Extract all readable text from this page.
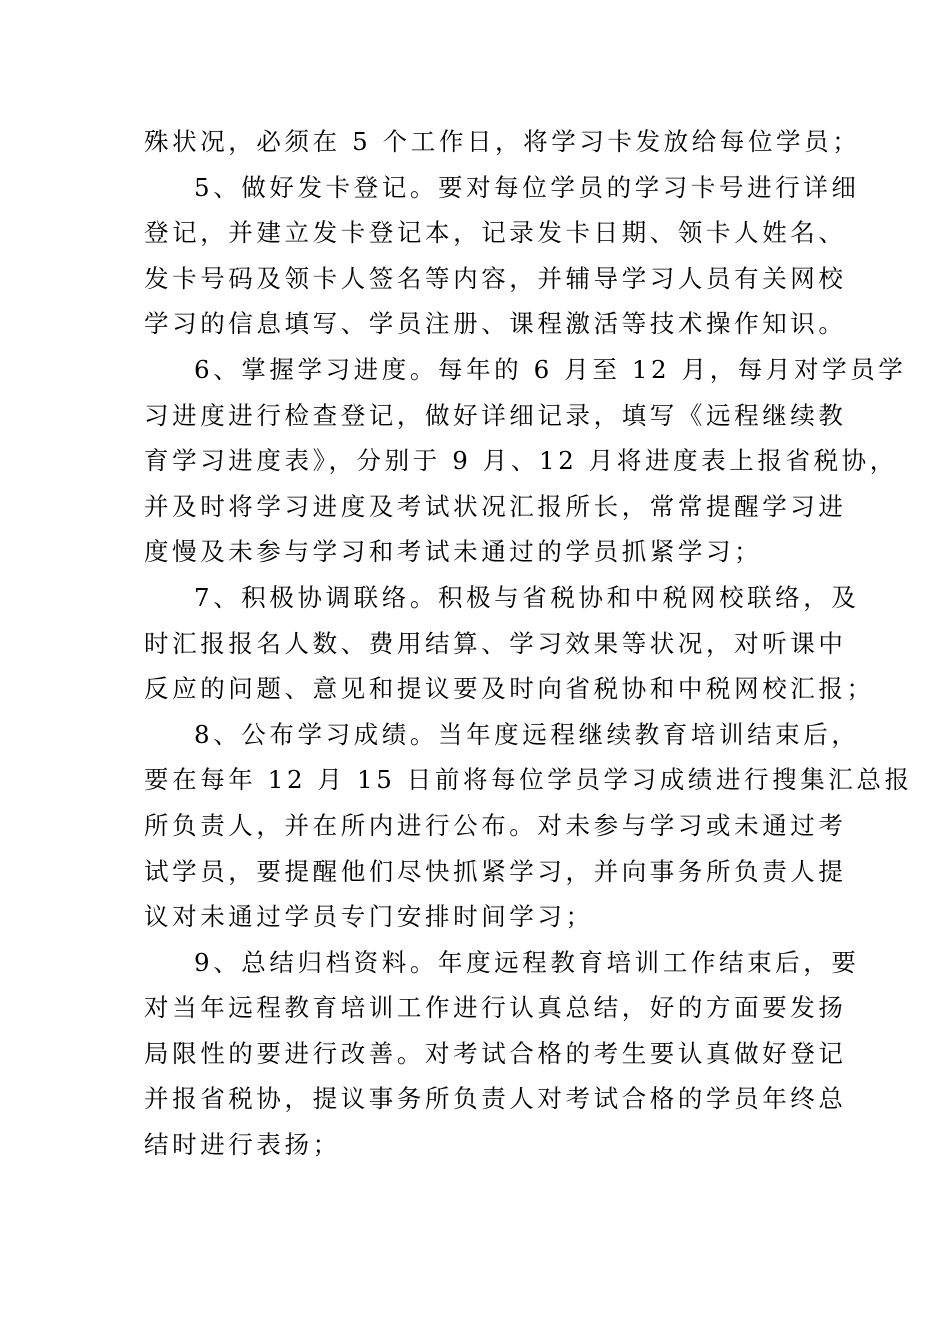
殊状况，必须在 5 个工作日，将学习卡发放给每位学员；
5、做好发卡登记。要对每位学员的学习卡号进行详细
登记，并建立发卡登记本，记录发卡日期、领卡人姓名、
发卡号码及领卡人签名等内容，并辅导学习人员有关网校
学习的信息填写、学员注册、课程激活等技术操作知识。
6、掌握学习进度。每年的 6 月至 12 月，每月对学员学
习进度进行检查登记，做好详细记录，填写《远程继续教
育学习进度表》，分别于 9 月、12 月将进度表上报省税协，
并及时将学习进度及考试状况汇报所长，常常提醒学习进
度慢及未参与学习和考试未通过的学员抓紧学习；
7、积极协调联络。积极与省税协和中税网校联络，及
时汇报报名人数、费用结算、学习效果等状况，对听课中
反应的问题、意见和提议要及时向省税协和中税网校汇报；
8、公布学习成绩。当年度远程继续教育培训结束后，
要在每年 12 月 15 日前将每位学员学习成绩进行搜集汇总报
所负责人，并在所内进行公布。对未参与学习或未通过考
试学员，要提醒他们尽快抓紧学习，并向事务所负责人提
议对未通过学员专门安排时间学习；
9、总结归档资料。年度远程教育培训工作结束后，要
对当年远程教育培训工作进行认真总结，好的方面要发扬
局限性的要进行改善。对考试合格的考生要认真做好登记
并报省税协，提议事务所负责人对考试合格的学员年终总
结时进行表扬；
